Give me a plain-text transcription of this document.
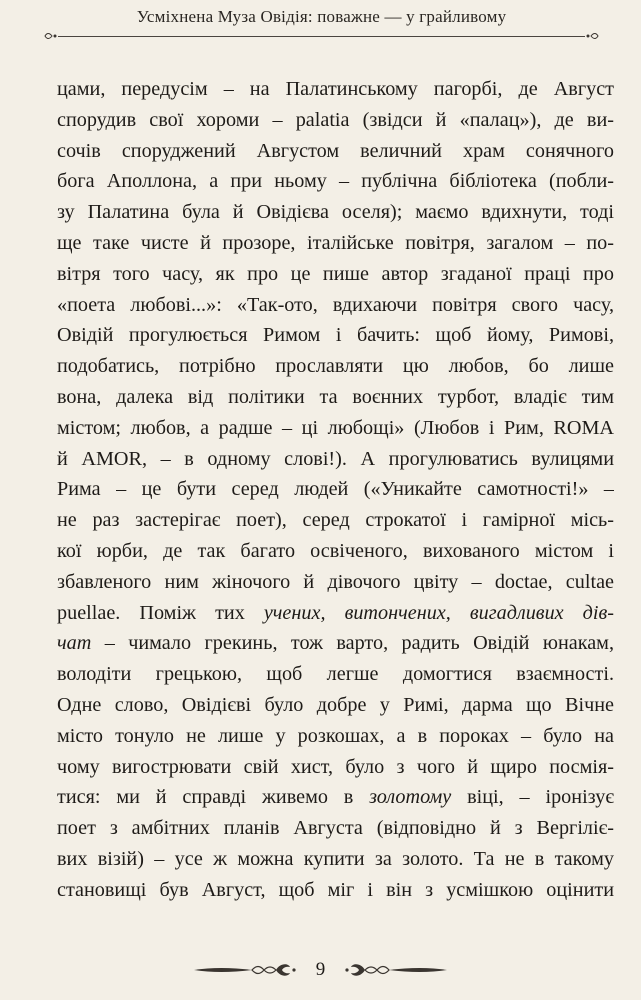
Усміхнена Муза Овідія: поважне — у грайливому
цами, передусім – на Палатинському пагорбі, де Август
спорудив свої хороми – palatia (звідси й «палац»), де ви-
сочів споруджений Августом величний храм сонячного
бога Аполлона, а при ньому – публічна бібліотека (побли-
зу Палатина була й Овідієва оселя); маємо вдихнути, тоді
ще таке чисте й прозоре, італійське повітря, загалом – по-
вітря того часу, як про це пише автор згаданої праці про
«поета любові...»: «Так-ото, вдихаючи повітря свого часу,
Овідій прогулюється Римом і бачить: щоб йому, Римові,
подобатись, потрібно прославляти цю любов, бо лише
вона, далека від політики та воєнних турбот, владіє тим
містом; любов, а радше – ці любощі» (Любов і Рим, ROMA
й AMOR, – в одному слові!). А прогулюватись вулицями
Рима – це бути серед людей («Уникайте самотності!» –
не раз застерігає поет), серед строкатої і гамірної місь-
кої юрби, де так багато освіченого, вихованого містом і
збавленого ним жіночого й дівочого цвіту – doctae, cultae
puellae. Поміж тих учених, витончених, вигадливих дів-
чат – чимало грекинь, тож варто, радить Овідій юнакам,
володіти грецькою, щоб легше домогтися взаємності.
Одне слово, Овідієві було добре у Римі, дарма що Вічне
місто тонуло не лише у розкошах, а в пороках – було на
чому вигострювати свій хист, було з чого й щиро посмія-
тися: ми й справді живемо в золотому віці, – іронізує
поет з амбітних планів Августа (відповідно й з Вергіліє-
вих візій) – усе ж можна купити за золото. Та не в такому
становищі був Август, щоб міг і він з усмішкою оцінити
9
